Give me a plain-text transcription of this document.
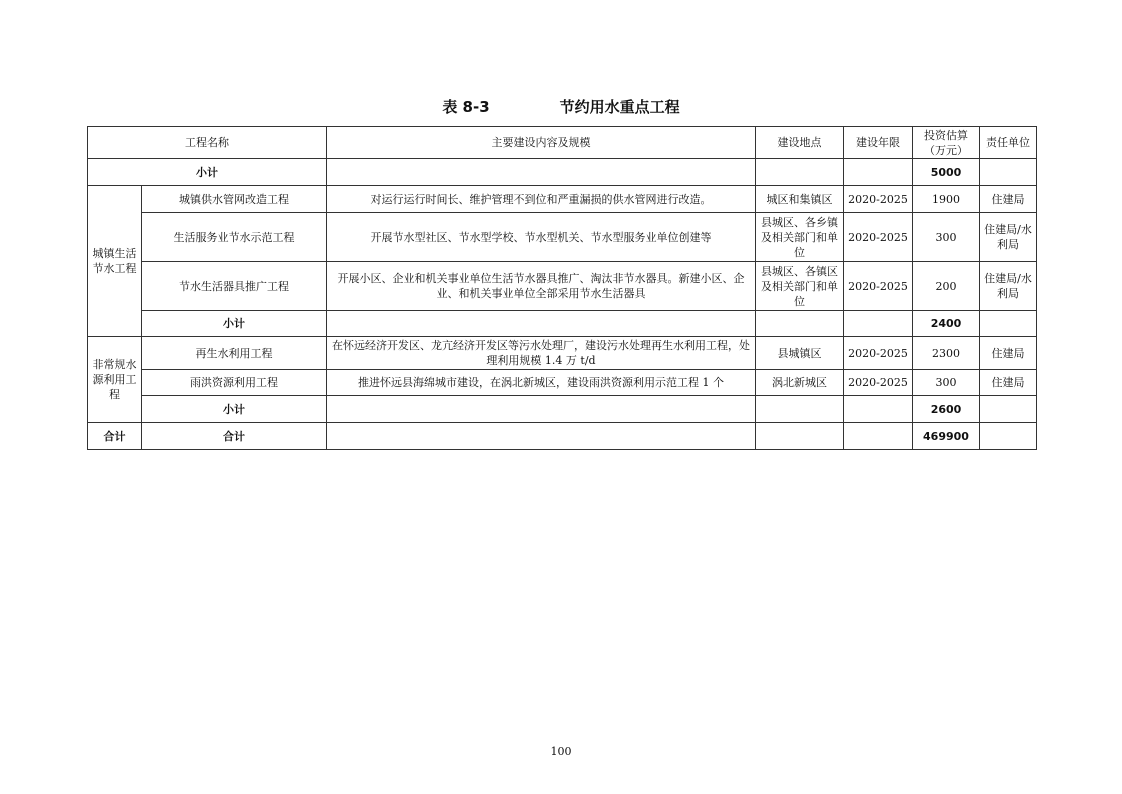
表 8-3	节约用水重点工程
工程名称		主要建设内容及规模	建设地点	建设年限	投资估算（万元）	责任单位
小计					5000	
城镇生活节水工程	城镇供水管网改造工程	对运行运行时间长、维护管理不到位和严重漏损的供水管网进行改造。	城区和集镇区	2020-2025	1900	住建局
	生活服务业节水示范工程	开展节水型社区、节水型学校、节水型机关、节水型服务业单位创建等	县城区、各乡镇及相关部门和单位	2020-2025	300	住建局/水利局
	节水生活器具推广工程	开展小区、企业和机关事业单位生活节水器具推广、淘汰非节水器具。新建小区、企业、和机关事业单位全部采用节水生活器具	县城区、各镇区及相关部门和单位	2020-2025	200	住建局/水利局
	小计				2400	
非常规水源利用工程	再生水利用工程	在怀远经济开发区、龙亢经济开发区等污水处理厂，建设污水处理再生水利用工程，处理利用规模 1.4 万 t/d	县城镇区	2020-2025	2300	住建局
	雨洪资源利用工程	推进怀远县海绵城市建设，在涡北新城区，建设雨洪资源利用示范工程 1 个	涡北新城区	2020-2025	300	住建局
	小计				2600	
合计	合计				469900	
100
